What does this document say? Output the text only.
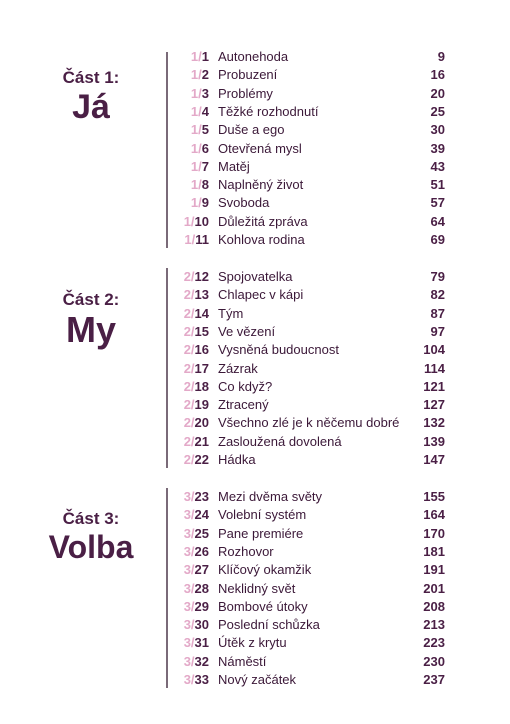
Část 1:
Já
Část 2:
My
Část 3:
Volba
1/1 Autonehoda	9
1/2 Probuzení	16
1/3 Problémy	20
1/4 Těžké rozhodnutí	25
1/5 Duše a ego	30
1/6 Otevřená mysl	39
1/7 Matěj	43
1/8 Naplněný život	51
1/9 Svoboda	57
1/10 Důležitá zpráva	64
1/11 Kohlova rodina	69
2/12 Spojovatelka	79
2/13 Chlapec v kápi	82
2/14 Tým	87
2/15 Ve vězení	97
2/16 Vysněná budoucnost	104
2/17 Zázrak	114
2/18 Co když?	121
2/19 Ztracený	127
2/20 Všechno zlé je k něčemu dobré 132
2/21 Zasloužená dovolená	139
2/22 Hádka	147
3/23 Mezi dvěma světy	155
3/24 Volební systém	164
3/25 Pane premiére	170
3/26 Rozhovor	181
3/27 Klíčový okamžik	191
3/28 Neklidný svět	201
3/29 Bombové útoky	208
3/30 Poslední schůzka	213
3/31 Útěk z krytu	223
3/32 Náměstí	230
3/33 Nový začátek	237
